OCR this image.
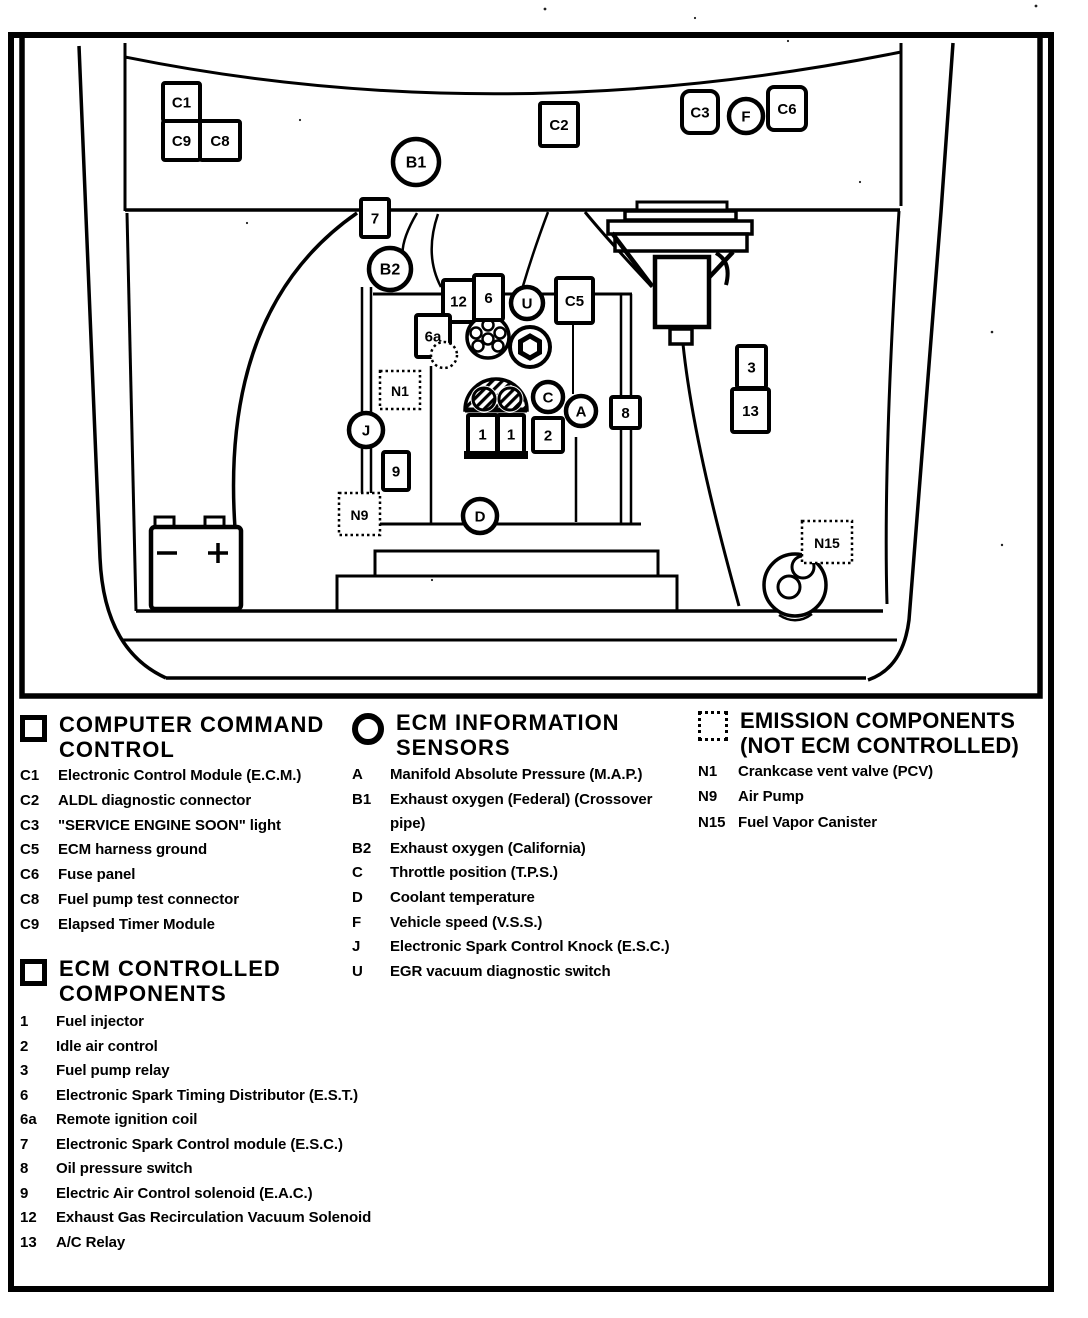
C1
C9 C8
C2
C3	C6
7
12 6	C5
6a
3
13
8
2
9
1 1
B1
F
B2
U
C
A
J
D
N1
N9
N15
COMPUTER COMMAND CONTROL
C1	Electronic Control Module (E.C.M.)
C2	ALDL diagnostic connector
C3	"SERVICE ENGINE SOON" light
C5	ECM harness ground
C6	Fuse panel
C8	Fuel pump test connector
C9	Elapsed Timer Module
ECM INFORMATION SENSORS
A	Manifold Absolute Pressure (M.A.P.)
B1	Exhaust oxygen (Federal) (Crossover pipe)
B2	Exhaust oxygen (California)
C	Throttle position (T.P.S.)
D	Coolant temperature
F	Vehicle speed (V.S.S.)
J	Electronic Spark Control Knock (E.S.C.)
U	EGR vacuum diagnostic switch
EMISSION COMPONENTS (NOT ECM CONTROLLED)
N1	Crankcase vent valve (PCV)
N9	Air Pump
N15 Fuel Vapor Canister
ECM CONTROLLED COMPONENTS
1	Fuel injector
2	Idle air control
3	Fuel pump relay
6	Electronic Spark Timing Distributor (E.S.T.)
6a	Remote ignition coil
7	Electronic Spark Control module (E.S.C.)
8	Oil pressure switch
9	Electric Air Control solenoid (E.A.C.)
12	Exhaust Gas Recirculation Vacuum Solenoid
13	A/C Relay
